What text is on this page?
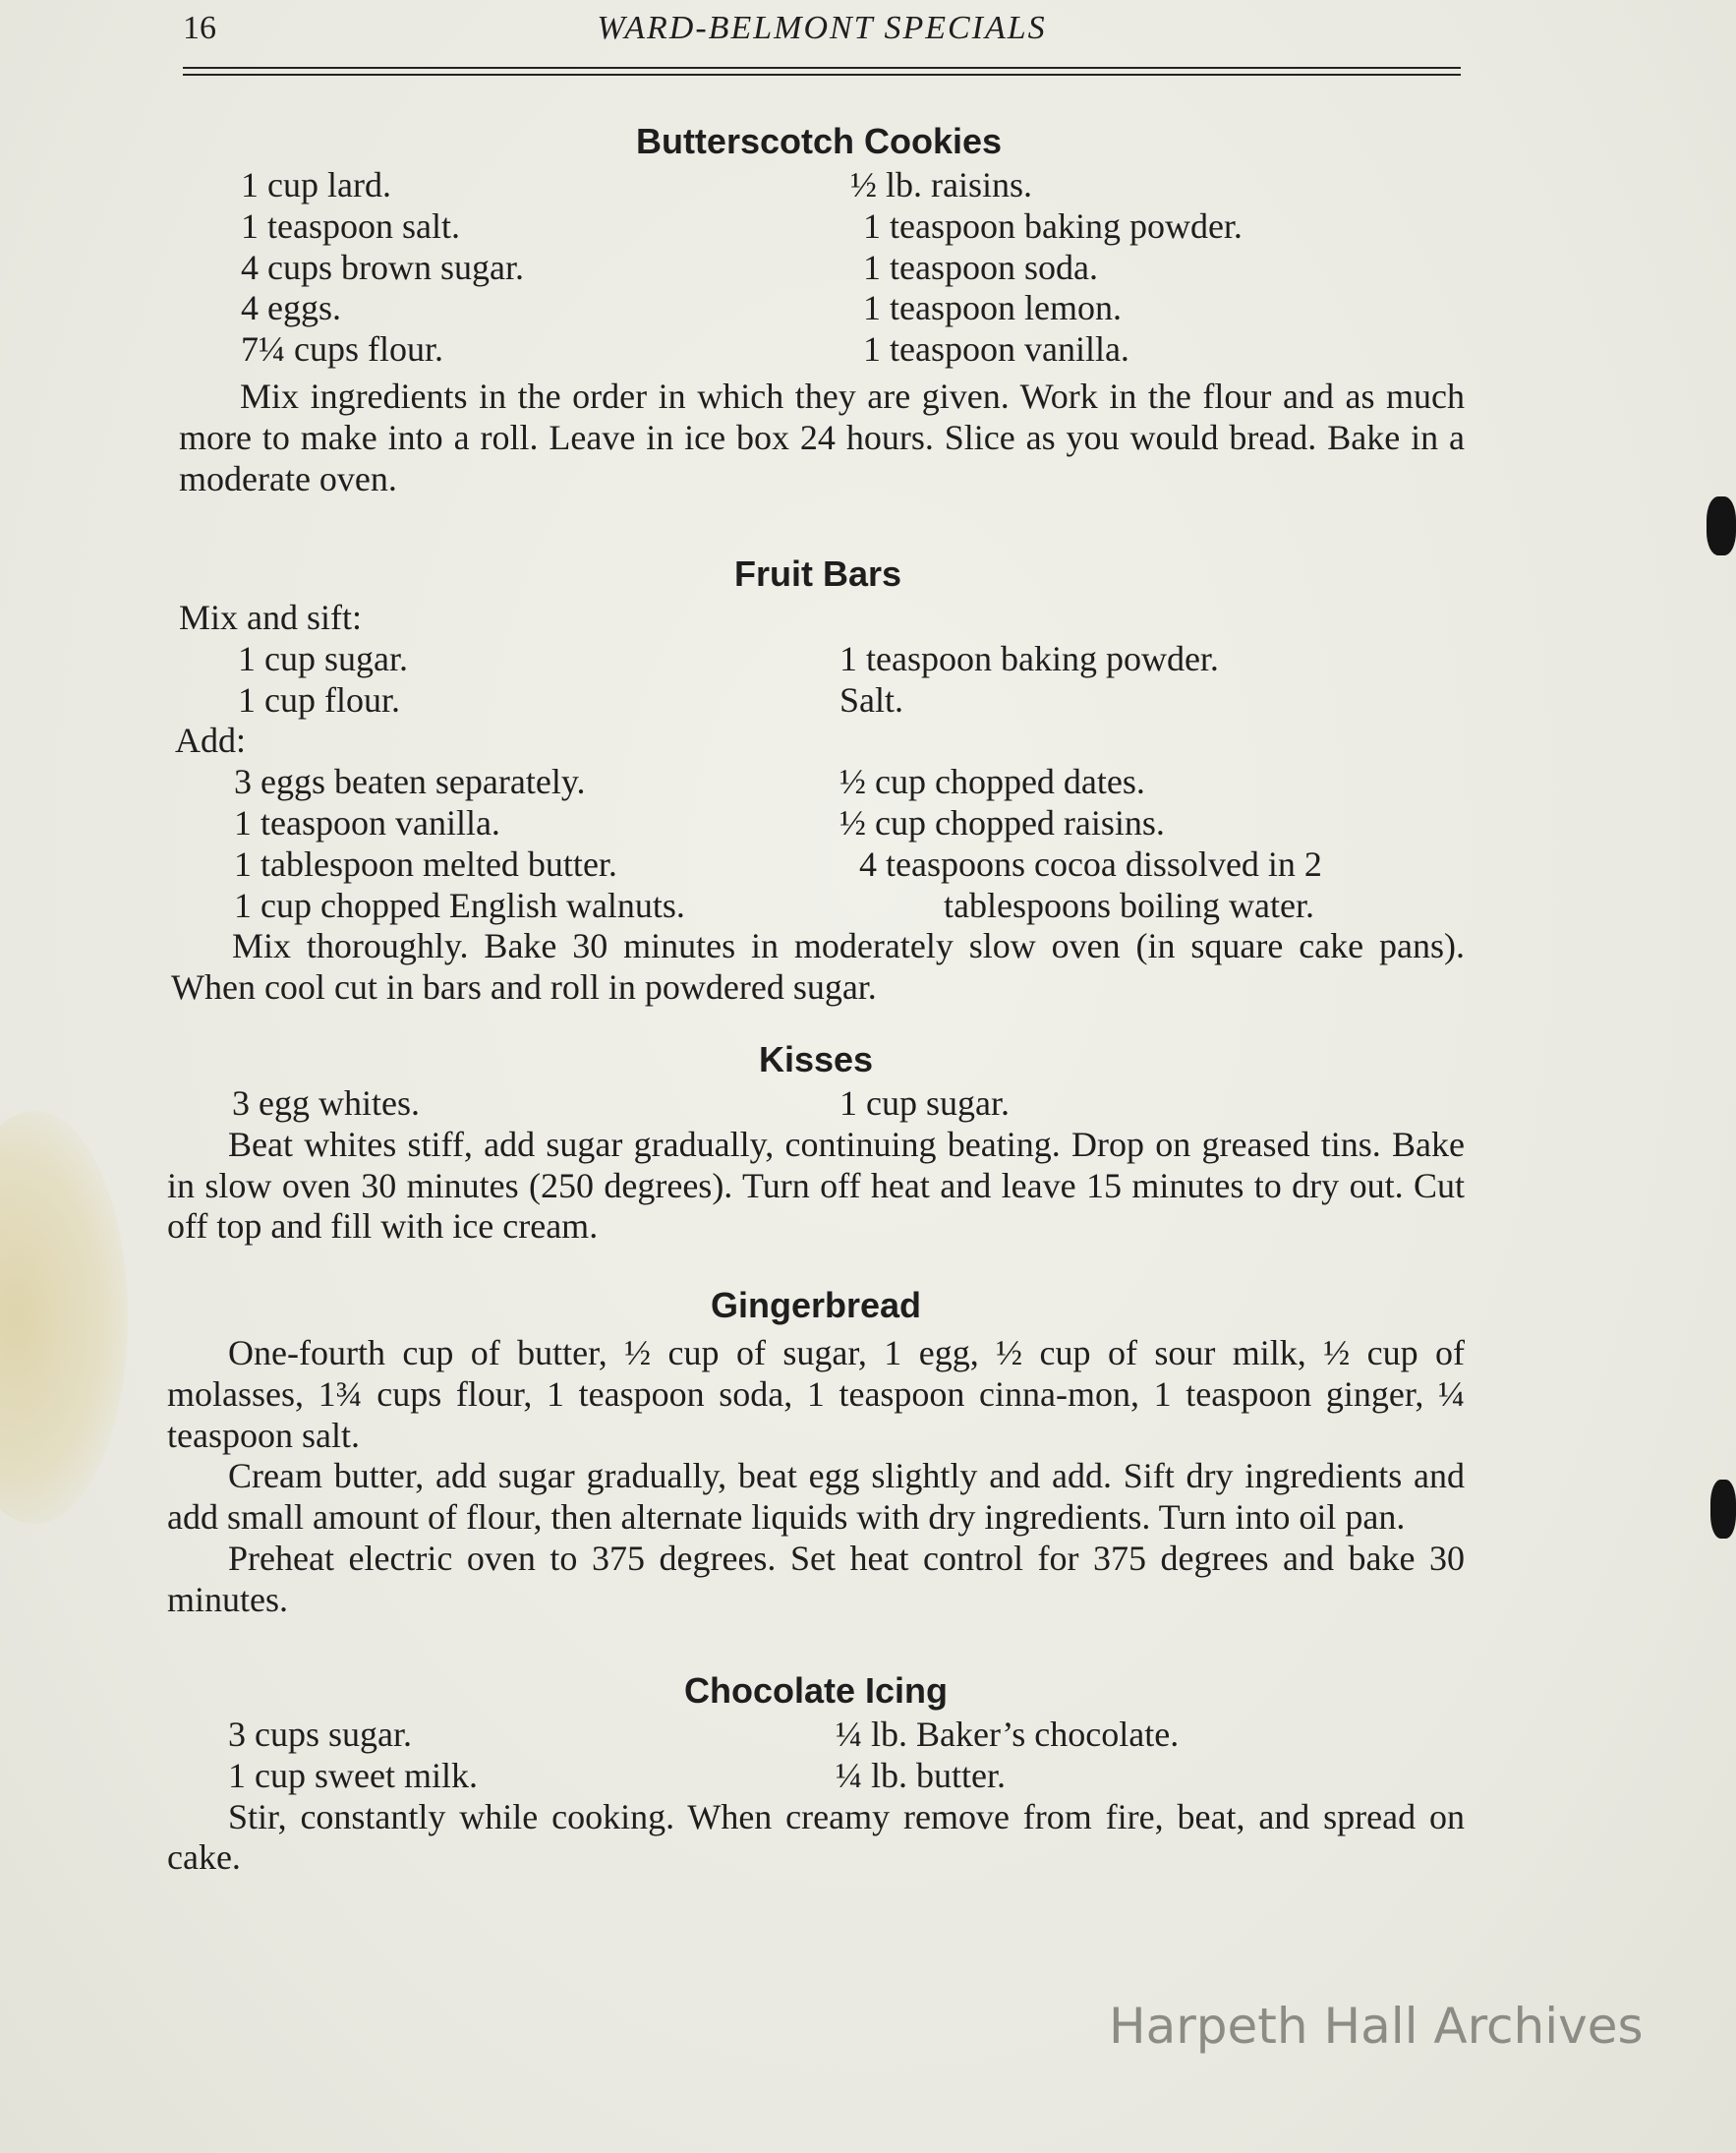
16	WARD-BELMONT SPECIALS
Butterscotch Cookies
1 cup lard.	½ lb. raisins.
1 teaspoon salt.	1 teaspoon baking powder.
4 cups brown sugar.	1 teaspoon soda.
4 eggs.	1 teaspoon lemon.
7¼ cups flour.	1 teaspoon vanilla.
Mix ingredients in the order in which they are given. Work in the flour and as much more to make into a roll. Leave in ice box 24 hours. Slice as you would bread. Bake in a moderate oven.
Fruit Bars
Mix and sift:
1 cup sugar.	1 teaspoon baking powder.
1 cup flour.	Salt.
Add:
3 eggs beaten separately.	½ cup chopped dates.
1 teaspoon vanilla.	½ cup chopped raisins.
1 tablespoon melted butter.	4 teaspoons cocoa dissolved in 2
1 cup chopped English walnuts.	tablespoons boiling water.
Mix thoroughly. Bake 30 minutes in moderately slow oven (in square cake pans). When cool cut in bars and roll in powdered sugar.
Kisses
3 egg whites.	1 cup sugar.
Beat whites stiff, add sugar gradually, continuing beating. Drop on greased tins. Bake in slow oven 30 minutes (250 degrees). Turn off heat and leave 15 minutes to dry out. Cut off top and fill with ice cream.
Gingerbread
One-fourth cup of butter, ½ cup of sugar, 1 egg, ½ cup of sour milk, ½ cup of molasses, 1¾ cups flour, 1 teaspoon soda, 1 teaspoon cinna-mon, 1 teaspoon ginger, ¼ teaspoon salt.
Cream butter, add sugar gradually, beat egg slightly and add. Sift dry ingredients and add small amount of flour, then alternate liquids with dry ingredients. Turn into oil pan.
Preheat electric oven to 375 degrees. Set heat control for 375 degrees and bake 30 minutes.
Chocolate Icing
3 cups sugar.	¼ lb. Baker’s chocolate.
1 cup sweet milk.	¼ lb. butter.
Stir, constantly while cooking. When creamy remove from fire, beat, and spread on cake.
Harpeth Hall Archives
